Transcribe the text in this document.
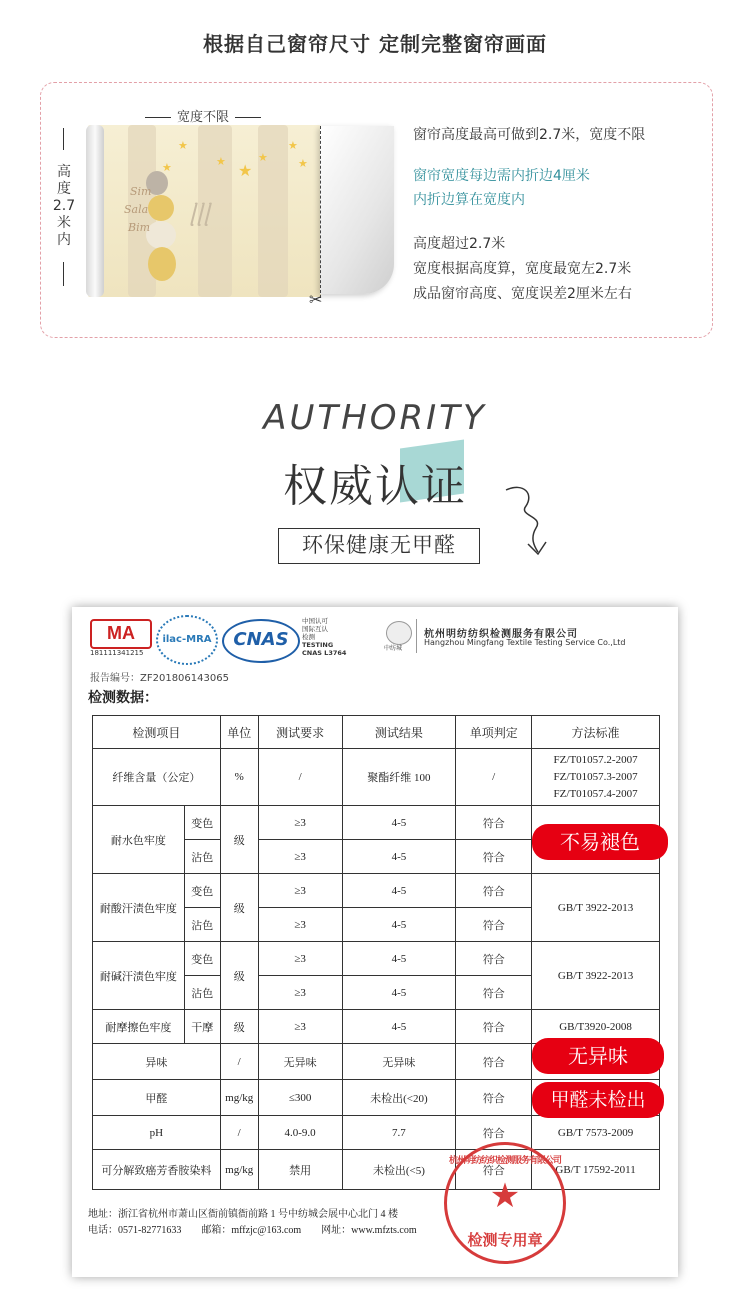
根据自己窗帘尺寸 定制完整窗帘画面
★
★ ★
★
★
★
★
Sim
Sala
Bim ᥣᥣᥣ
✂
宽度不限
高
度
2.7
米
内
窗帘高度最高可做到2.7米，宽度不限
窗帘宽度每边需内折边4厘米
内折边算在宽度内
高度超过2.7米
宽度根据高度算，宽度最宽左2.7米
成品窗帘高度、宽度误差2厘米左右
AUTHORITY
权威认证
环保健康无甲醛
MA
181111341215
ilac-MRA	CNAS
中国认可
国际互认
检测
TESTING
CNAS L3764
中纺城
杭州明纺纺织检测服务有限公司
Hangzhou Mingfang Textile Testing Service Co.,Ltd
报告编号：ZF201806143065
检测数据：
检测项目		单位	测试要求	测试结果	单项判定	方法标准
纤维含量（公定）		%	/	聚酯纤维 100	/	FZ/T01057.2-2007
FZ/T01057.3-2007
FZ/T01057.4-2007

耐水色牢度	变色	级	≥3	4-5	符合	
	沾色		≥3	4-5	符合	
耐酸汗渍色牢度	变色	级	≥3	4-5	符合	GB/T 3922-2013
	沾色		≥3	4-5	符合	
耐碱汗渍色牢度	变色	级	≥3	4-5	符合	GB/T 3922-2013
	沾色		≥3	4-5	符合	
耐摩擦色牢度	干摩	级	≥3	4-5	符合	GB/T3920-2008
异味		/	无异味	无异味	符合	
甲醛		mg/kg	≤300	未检出(<20)	符合	
pH		/	4.0-9.0	7.7	符合	GB/T 7573-2009
可分解致癌芳香胺染料		mg/kg	禁用	未检出(<5)	符合	GB/T 17592-2011
地址：浙江省杭州市萧山区衙前镇衙前路 1 号中纺城会展中心北门 4 楼
电话：0571-82771633        邮箱：mffzjc@163.com        网址：www.mfzts.com
杭州明纺纺织检测服务有限公司
★
检测专用章
不易褪色
无异味
甲醛未检出
